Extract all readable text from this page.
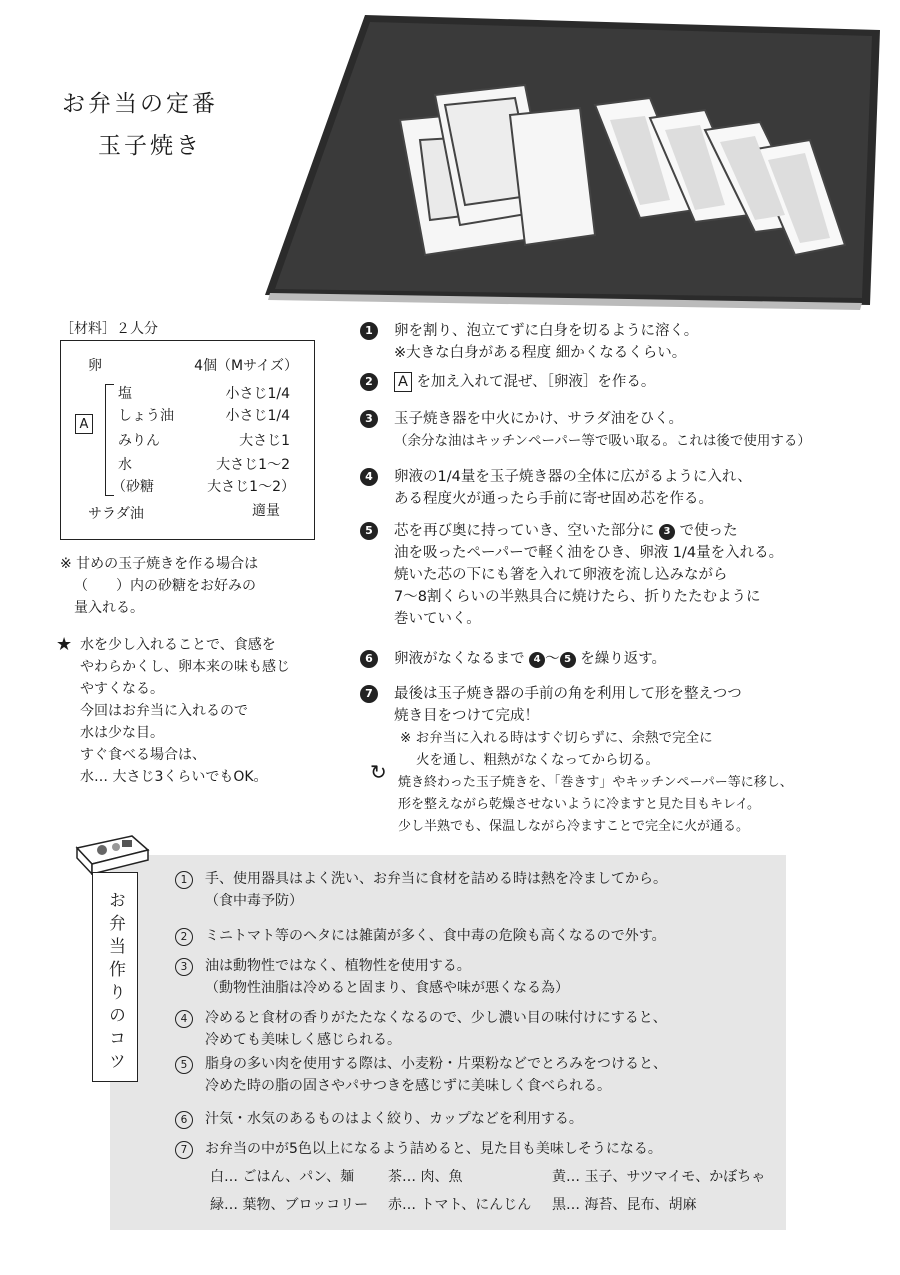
お弁当の定番
玉子焼き
［材料］２人分
A
卵	4個（Mサイズ）
塩	小さじ1/4
しょう油	小さじ1/4
みりん	大さじ1
水	大さじ1～2
（砂糖	大さじ1～2）
サラダ油	適量
※ 甘めの玉子焼きを作る場合は
（　　）内の砂糖をお好みの
量入れる。
★ 水を少し入れることで、食感を
やわらかくし、卵本来の味も感じ
やすくなる。
今回はお弁当に入れるので
水は少な目。
すぐ食べる場合は、
水… 大さじ3くらいでもOK。
1	卵を割り、泡立てずに白身を切るように溶く。
※大きな白身がある程度 細かくなるくらい。
2	A を加え入れて混ぜ、［卵液］を作る。
3	玉子焼き器を中火にかけ、サラダ油をひく。
（余分な油はキッチンペーパー等で吸い取る。これは後で使用する）
4	卵液の1/4量を玉子焼き器の全体に広がるように入れ、
ある程度火が通ったら手前に寄せ固め芯を作る。
5	芯を再び奥に持っていき、空いた部分に 3 で使った
油を吸ったペーパーで軽く油をひき、卵液 1/4量を入れる。
焼いた芯の下にも箸を入れて卵液を流し込みながら
7～8割くらいの半熟具合に焼けたら、折りたたむように
巻いていく。
6	卵液がなくなるまで 4 ～ 5 を繰り返す。
7	最後は玉子焼き器の手前の角を利用して形を整えつつ
焼き目をつけて完成！
※ お弁当に入れる時はすぐ切らずに、余熱で完全に
火を通し、粗熱がなくなってから切る。
↻ 焼き終わった玉子焼きを、「巻きす」やキッチンペーパー等に移し、
形を整えながら乾燥させないように冷ますと見た目もキレイ。
少し半熟でも、保温しながら冷ますことで完全に火が通る。
お弁当作りのコツ
1	手、使用器具はよく洗い、お弁当に食材を詰める時は熱を冷ましてから。
（食中毒予防）
2	ミニトマト等のヘタには雑菌が多く、食中毒の危険も高くなるので外す。
3	油は動物性ではなく、植物性を使用する。
（動物性油脂は冷めると固まり、食感や味が悪くなる為）
4	冷めると食材の香りがたたなくなるので、少し濃い目の味付けにすると、
冷めても美味しく感じられる。
5	脂身の多い肉を使用する際は、小麦粉・片栗粉などでとろみをつけると、
冷めた時の脂の固さやパサつきを感じずに美味しく食べられる。
6	汁気・水気のあるものはよく絞り、カップなどを利用する。
7	お弁当の中が5色以上になるよう詰めると、見た目も美味しそうになる。
白… ごはん、パン、麺 茶… 肉、魚	黄… 玉子、サツマイモ、かぼちゃ
緑… 葉物、ブロッコリー 赤… トマト、にんじん 黒… 海苔、昆布、胡麻
